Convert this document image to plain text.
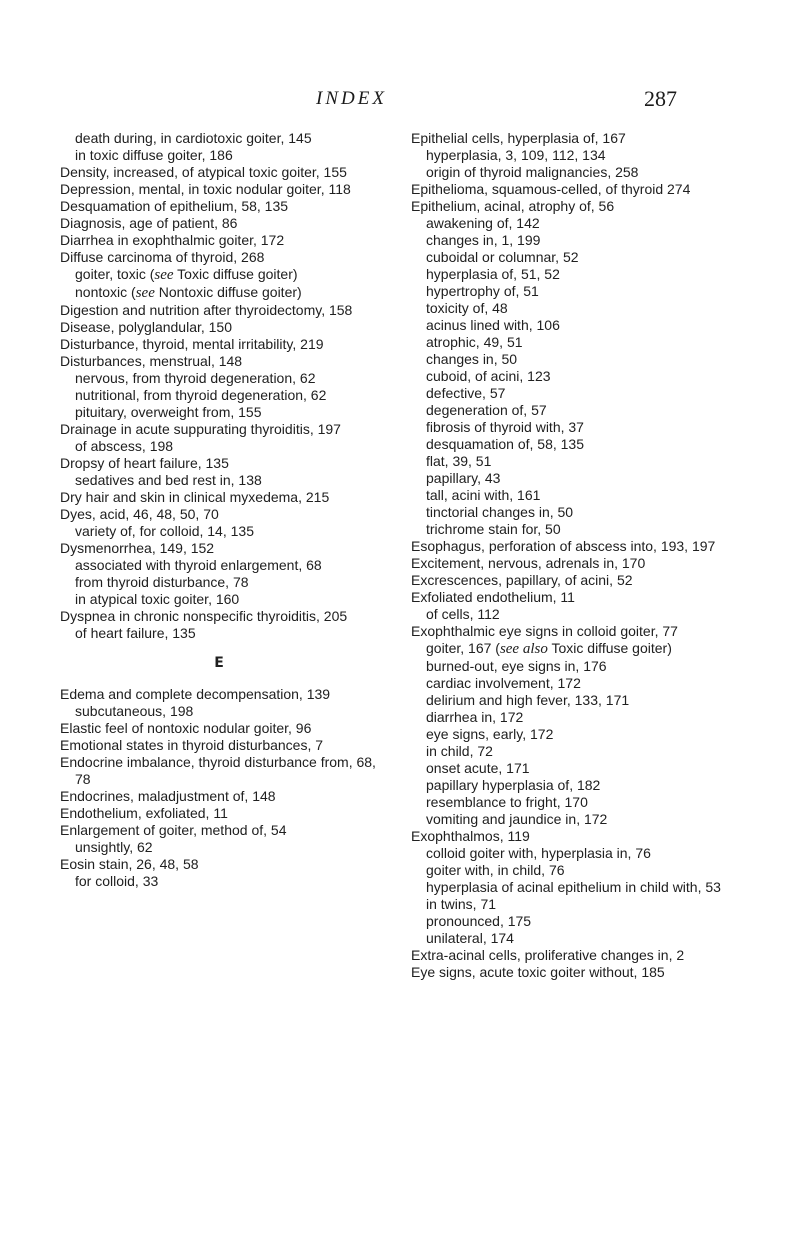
INDEX	287
death during, in cardiotoxic goiter, 145
in toxic diffuse goiter, 186
Density, increased, of atypical toxic goiter, 155
Depression, mental, in toxic nodular goiter, 118
Desquamation of epithelium, 58, 135
Diagnosis, age of patient, 86
Diarrhea in exophthalmic goiter, 172
Diffuse carcinoma of thyroid, 268
goiter, toxic (see Toxic diffuse goiter)
nontoxic (see Nontoxic diffuse goiter)
Digestion and nutrition after thyroidectomy, 158
Disease, polyglandular, 150
Disturbance, thyroid, mental irritability, 219
Disturbances, menstrual, 148
nervous, from thyroid degeneration, 62
nutritional, from thyroid degeneration, 62
pituitary, overweight from, 155
Drainage in acute suppurating thyroiditis, 197
of abscess, 198
Dropsy of heart failure, 135
sedatives and bed rest in, 138
Dry hair and skin in clinical myxedema, 215
Dyes, acid, 46, 48, 50, 70
variety of, for colloid, 14, 135
Dysmenorrhea, 149, 152
associated with thyroid enlargement, 68
from thyroid disturbance, 78
in atypical toxic goiter, 160
Dyspnea in chronic nonspecific thyroiditis, 205
of heart failure, 135
E
Edema and complete decompensation, 139
subcutaneous, 198
Elastic feel of nontoxic nodular goiter, 96
Emotional states in thyroid disturbances, 7
Endocrine imbalance, thyroid disturbance from, 68, 78
Endocrines, maladjustment of, 148
Endothelium, exfoliated, 11
Enlargement of goiter, method of, 54
unsightly, 62
Eosin stain, 26, 48, 58
for colloid, 33
Epithelial cells, hyperplasia of, 167
hyperplasia, 3, 109, 112, 134
origin of thyroid malignancies, 258
Epithelioma, squamous-celled, of thyroid 274
Epithelium, acinal, atrophy of, 56
awakening of, 142
changes in, 1, 199
cuboidal or columnar, 52
hyperplasia of, 51, 52
hypertrophy of, 51
toxicity of, 48
acinus lined with, 106
atrophic, 49, 51
changes in, 50
cuboid, of acini, 123
defective, 57
degeneration of, 57
fibrosis of thyroid with, 37
desquamation of, 58, 135
flat, 39, 51
papillary, 43
tall, acini with, 161
tinctorial changes in, 50
trichrome stain for, 50
Esophagus, perforation of abscess into, 193, 197
Excitement, nervous, adrenals in, 170
Excrescences, papillary, of acini, 52
Exfoliated endothelium, 11
of cells, 112
Exophthalmic eye signs in colloid goiter, 77
goiter, 167 (see also Toxic diffuse goiter)
burned-out, eye signs in, 176
cardiac involvement, 172
delirium and high fever, 133, 171
diarrhea in, 172
eye signs, early, 172
in child, 72
onset acute, 171
papillary hyperplasia of, 182
resemblance to fright, 170
vomiting and jaundice in, 172
Exophthalmos, 119
colloid goiter with, hyperplasia in, 76
goiter with, in child, 76
hyperplasia of acinal epithelium in child with, 53
in twins, 71
pronounced, 175
unilateral, 174
Extra-acinal cells, proliferative changes in, 2
Eye signs, acute toxic goiter without, 185
